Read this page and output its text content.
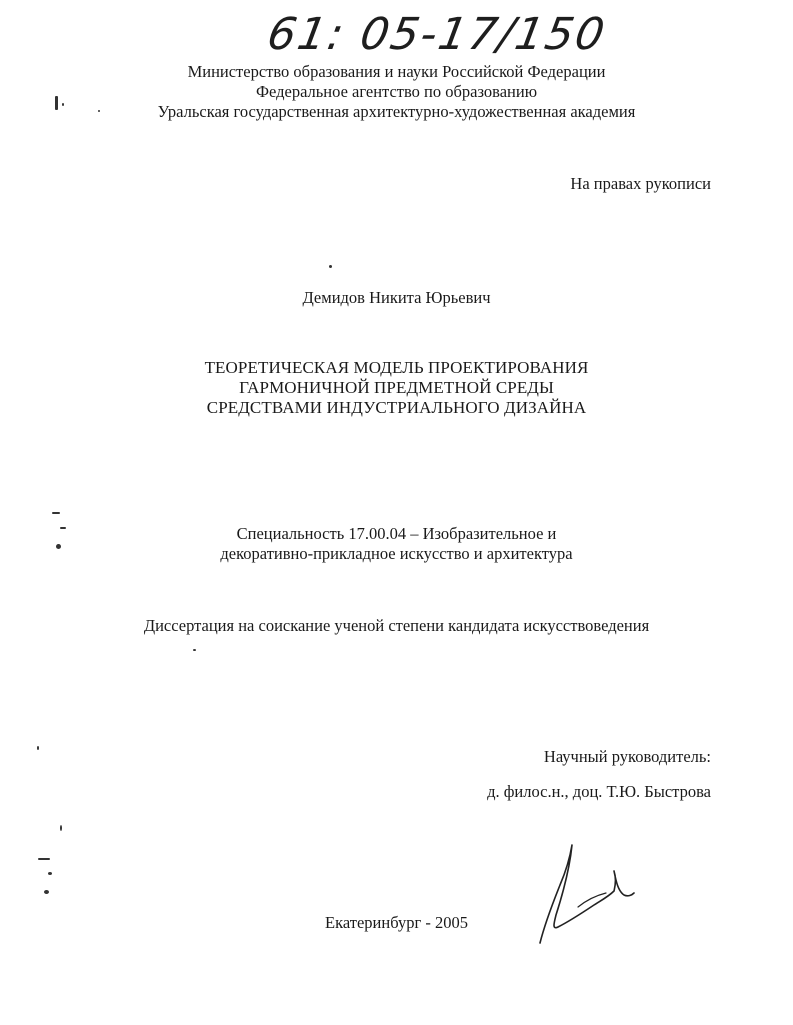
61: 05-17/150
Министерство образования и науки Российской Федерации
Федеральное агентство по образованию
Уральская государственная архитектурно-художественная академия
На правах рукописи
Демидов Никита Юрьевич
ТЕОРЕТИЧЕСКАЯ МОДЕЛЬ ПРОЕКТИРОВАНИЯ
ГАРМОНИЧНОЙ ПРЕДМЕТНОЙ СРЕДЫ
СРЕДСТВАМИ ИНДУСТРИАЛЬНОГО ДИЗАЙНА
Специальность 17.00.04 – Изобразительное и
декоративно-прикладное искусство и архитектура
Диссертация на соискание ученой степени кандидата искусствоведения
Научный руководитель:
д. филос.н., доц. Т.Ю. Быстрова
Екатеринбург - 2005
